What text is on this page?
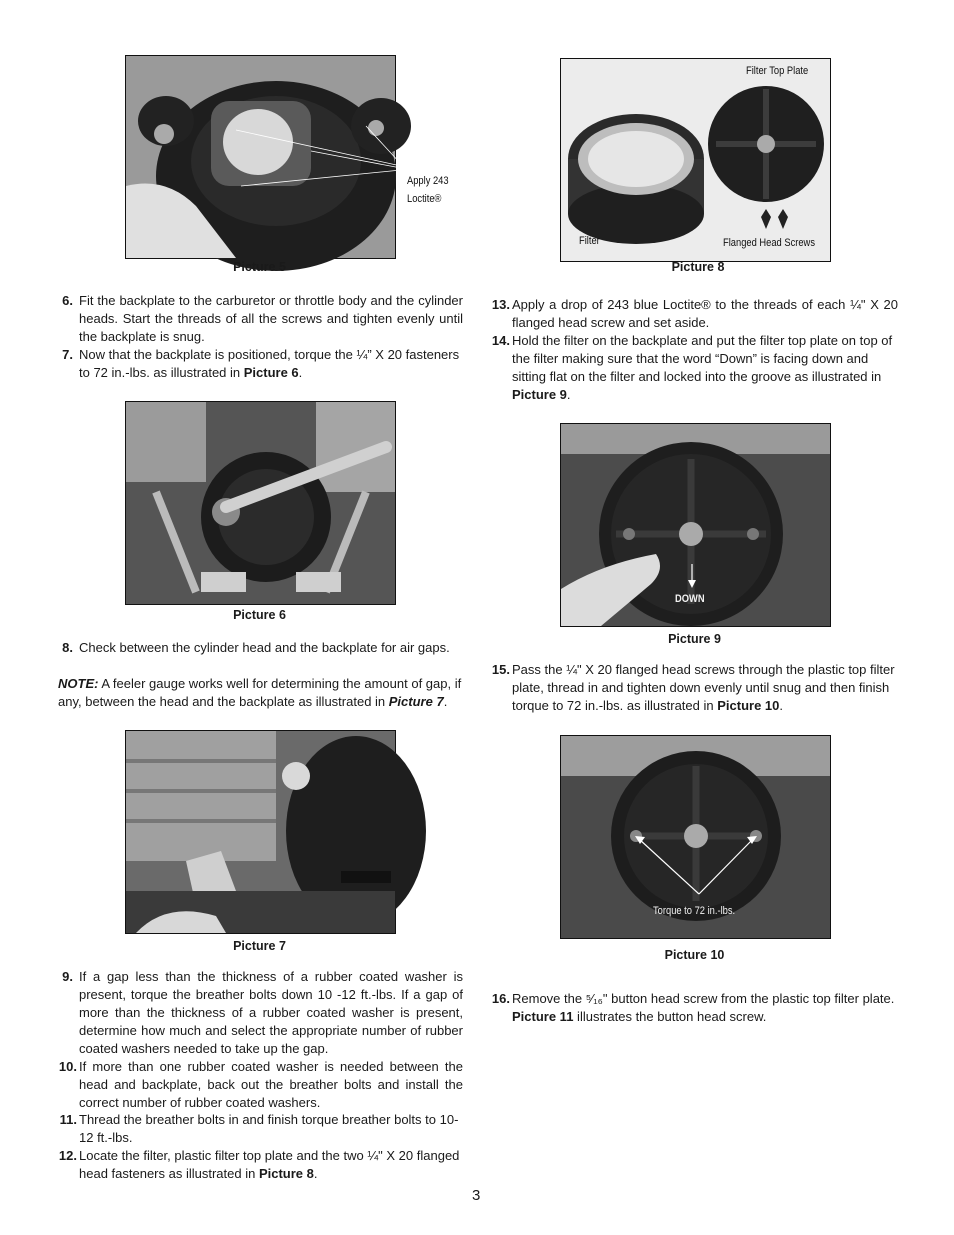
Apply 243
Loctite®
Picture 5
6. Fit the backplate to the carburetor or throttle body and the cylinder heads. Start the threads of all the screws and tighten evenly until the backplate is snug.
7. Now that the backplate is positioned, torque the ¼” X 20 fasteners to 72 in.-lbs. as illustrated in Picture 6.
Picture 6
8. Check between the cylinder head and the backplate for air gaps.
NOTE: A feeler gauge works well for determining the amount of gap, if any, between the head and the backplate as illustrated in Picture 7.
Picture 7
9. If a gap less than the thickness of a rubber coated washer is present, torque the breather bolts down 10 -12 ft.-lbs. If a gap of more than the thickness of a rubber coated washer is present, determine how much and select the appropriate number of rubber coated washers needed to take up the gap.
10. If more than one rubber coated washer is needed between the head and backplate, back out the breather bolts and install the correct number of rubber coated washers.
11. Thread the breather bolts in and finish torque breather bolts to 10-12 ft.-lbs.
12. Locate the filter, plastic filter top plate and the two ¼" X 20 flanged head fasteners as illustrated in Picture 8.
Filter Top Plate
Filter	Flanged Head Screws
Picture 8
13. Apply a drop of 243 blue Loctite® to the threads of each ¼" X 20 flanged head screw and set aside.
14. Hold the filter on the backplate and put the filter top plate on top of the filter making sure that the word “Down” is facing down and sitting flat on the filter and locked into the groove as illustrated in Picture 9.
DOWN
Picture 9
15. Pass the ¼" X 20 flanged head screws through the plastic top filter plate, thread in and tighten down evenly until snug and then finish torque to 72 in.-lbs. as illustrated in Picture 10.
Torque to 72 in.-lbs.
Picture 10
16. Remove the ⁵⁄₁₆" button head screw from the plastic top filter plate. Picture 11 illustrates the button head screw.
3
